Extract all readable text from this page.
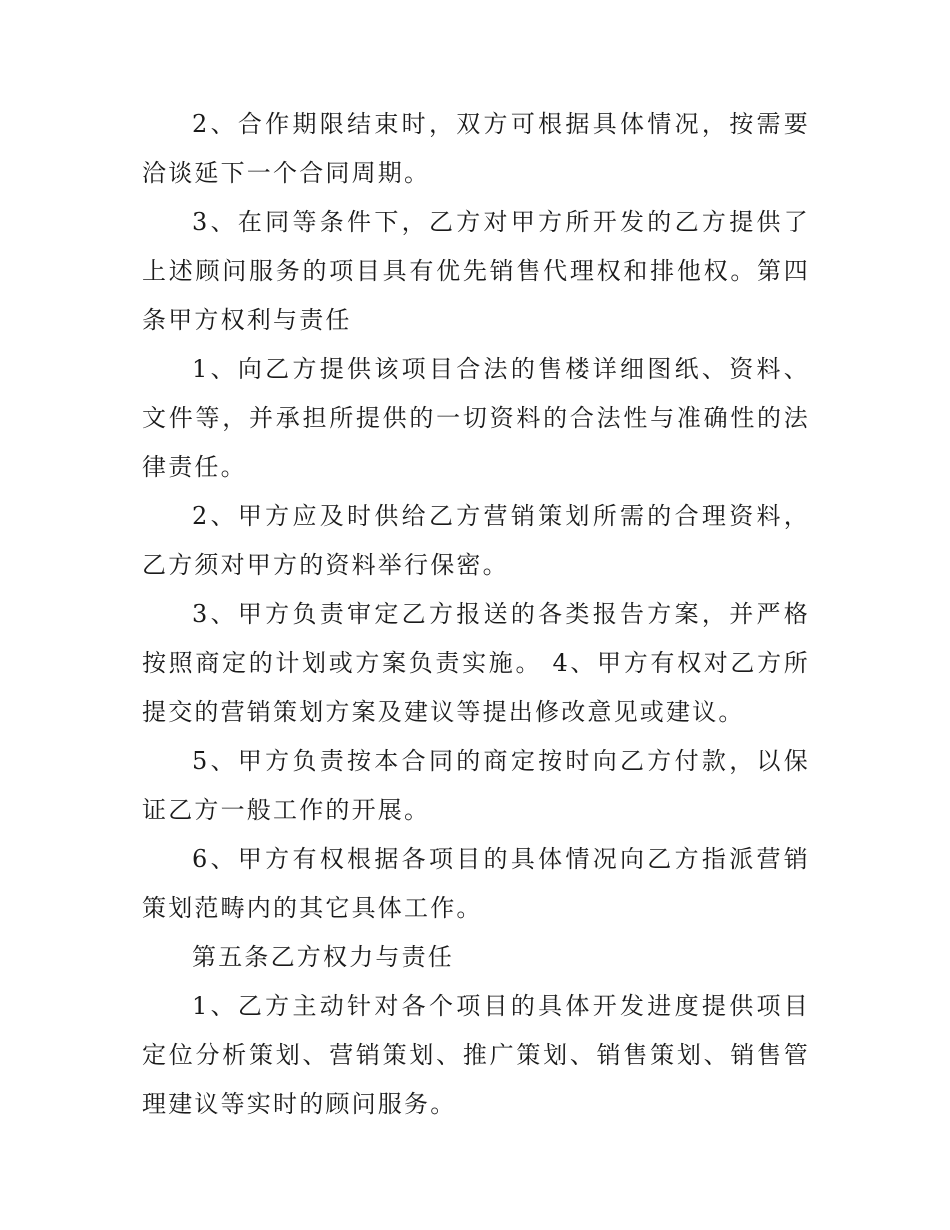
2、合作期限结束时，双方可根据具体情况，按需要洽谈延下一个合同周期。

3、在同等条件下，乙方对甲方所开发的乙方提供了上述顾问服务的项目具有优先销售代理权和排他权。第四条甲方权利与责任

1、向乙方提供该项目合法的售楼详细图纸、资料、文件等，并承担所提供的一切资料的合法性与准确性的法律责任。

2、甲方应及时供给乙方营销策划所需的合理资料，乙方须对甲方的资料举行保密。

3、甲方负责审定乙方报送的各类报告方案，并严格按照商定的计划或方案负责实施。 4、甲方有权对乙方所提交的营销策划方案及建议等提出修改意见或建议。

5、甲方负责按本合同的商定按时向乙方付款，以保证乙方一般工作的开展。

6、甲方有权根据各项目的具体情况向乙方指派营销策划范畴内的其它具体工作。

第五条乙方权力与责任

1、乙方主动针对各个项目的具体开发进度提供项目定位分析策划、营销策划、推广策划、销售策划、销售管理建议等实时的顾问服务。
